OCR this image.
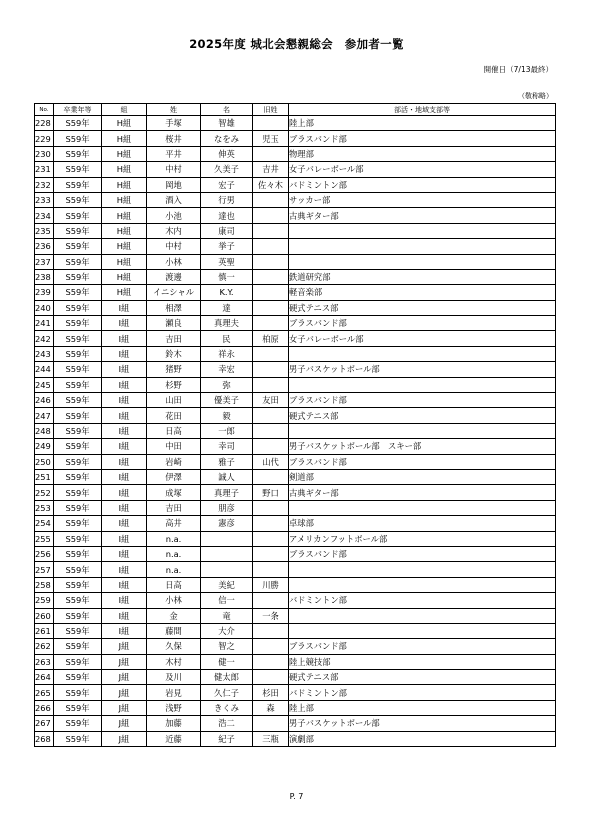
2025年度 城北会懇親総会　参加者一覧
開催日（7/13最終）
（敬称略）
No.	卒業年等	組	姓	名	旧姓	部活・地域支部等
228	S59年	H組	手塚	智雄		陸上部
229	S59年	H組	桜井	なをみ	児玉	ブラスバンド部
230	S59年	H組	平井	伸英		物理部
231	S59年	H組	中村	久美子	吉井	女子バレーボール部
232	S59年	H組	岡地	宏子	佐々木	バドミントン部
233	S59年	H組	酒入	行男		サッカー部
234	S59年	H組	小池	達也		古典ギター部
235	S59年	H組	木内	康司		
236	S59年	H組	中村	挙子		
237	S59年	H組	小林	英聖		
238	S59年	H組	渡邊	慎一		鉄道研究部
239	S59年	H組	イニシャル	K.Y.		軽音楽部
240	S59年	I組	相澤	達		硬式テニス部
241	S59年	I組	瀬良	真理夫		ブラスバンド部
242	S59年	I組	吉田	民	柏原	女子バレーボール部
243	S59年	I組	鈴木	祥永		
244	S59年	I組	猪野	幸宏		男子バスケットボール部
245	S59年	I組	杉野	弥		
246	S59年	I組	山田	優美子	友田	ブラスバンド部
247	S59年	I組	花田	毅		硬式テニス部
248	S59年	I組	日高	一郎		
249	S59年	I組	中田	幸司		男子バスケットボール部　スキー部
250	S59年	I組	岩崎	雅子	山代	ブラスバンド部
251	S59年	I組	伊澤	誠人		剣道部
252	S59年	I組	成塚	真理子	野口	古典ギター部
253	S59年	I組	吉田	朋彦		
254	S59年	I組	高井	憲彦		卓球部
255	S59年	I組	n.a.			アメリカンフットボール部
256	S59年	I組	n.a.			ブラスバンド部
257	S59年	I組	n.a.			
258	S59年	I組	日高	美紀	川勝	
259	S59年	I組	小林	信一		バドミントン部
260	S59年	I組	金	竜	一条	
261	S59年	I組	藤間	大介		
262	S59年	J組	久保	智之		ブラスバンド部
263	S59年	J組	木村	健一		陸上競技部
264	S59年	J組	及川	健太郎		硬式テニス部
265	S59年	J組	岩見	久仁子	杉田	バドミントン部
266	S59年	J組	浅野	きくみ	森	陸上部
267	S59年	J組	加藤	浩二		男子バスケットボール部
268	S59年	J組	近藤	紀子	三瓶	演劇部
P. 7
